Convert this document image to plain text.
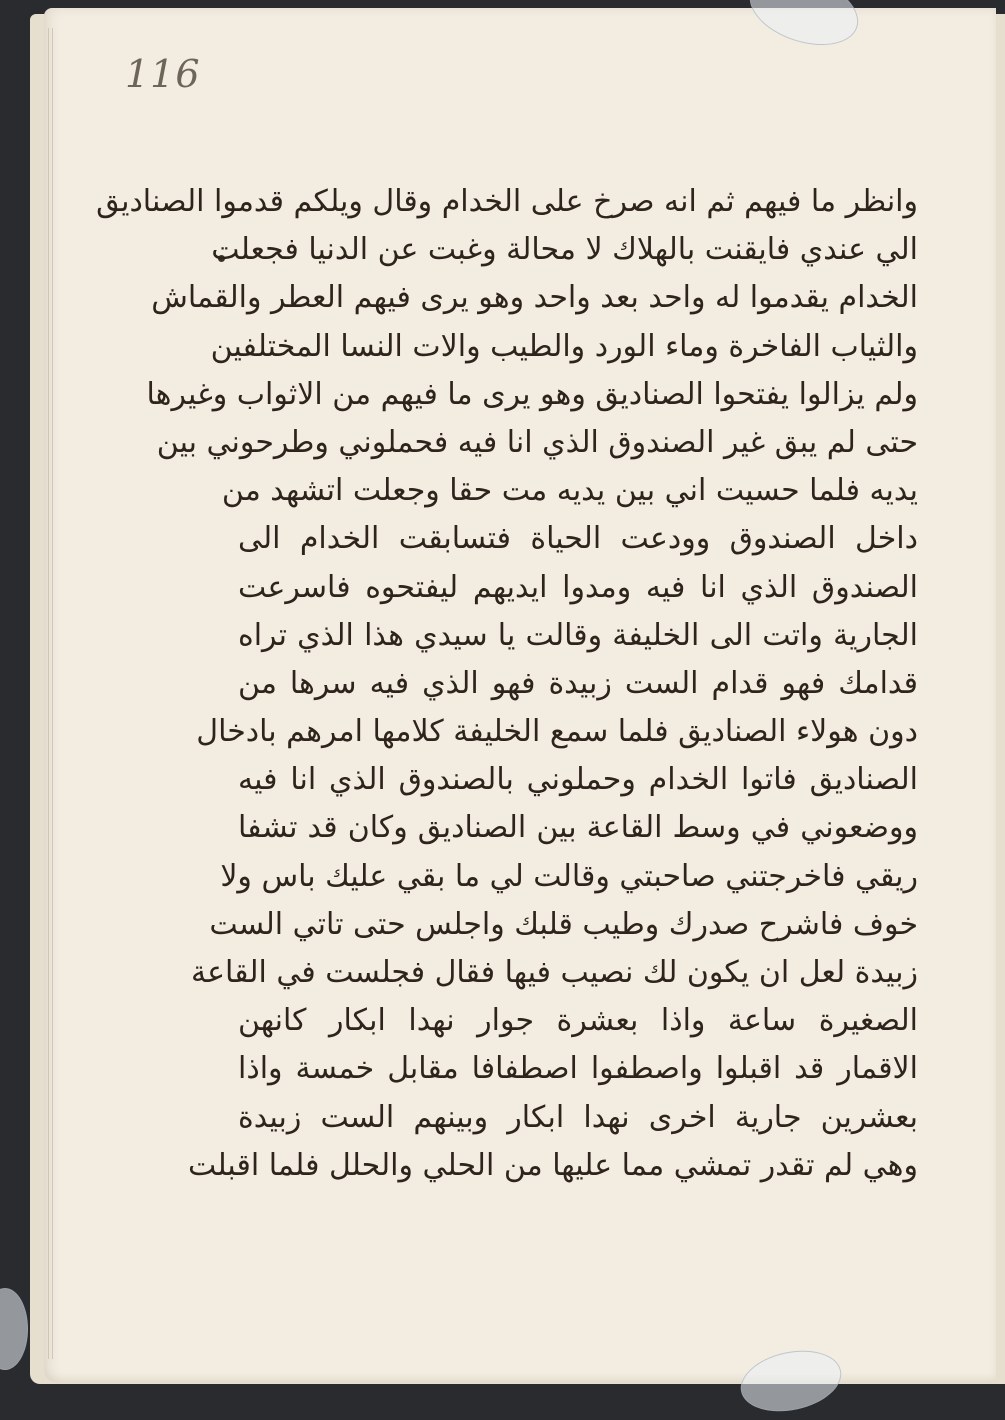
116
وانظر ما فيهم ثم انه صرخ على الخدام وقال ويلكم قدموا الصناديق
الي عندي فايقنت بالهلاك لا محالة وغبت عن الدنيا فجعلت
الخدام يقدموا له واحد بعد واحد وهو يرى فيهم العطر والقماش
والثياب الفاخرة وماء الورد والطيب والات النسا المختلفين
ولم يزالوا يفتحوا الصناديق وهو يرى ما فيهم من الاثواب وغيرها
حتى لم يبق غير الصندوق الذي انا فيه فحملوني وطرحوني بين
يديه فلما حسيت اني بين يديه مت حقا وجعلت اتشهد من
داخل الصندوق وودعت الحياة فتسابقت الخدام الى
الصندوق الذي انا فيه ومدوا ايديهم ليفتحوه فاسرعت
الجارية واتت الى الخليفة وقالت يا سيدي هذا الذي تراه
قدامك فهو قدام الست زبيدة فهو الذي فيه سرها من
دون هولاء الصناديق فلما سمع الخليفة كلامها امرهم بادخال
الصناديق فاتوا الخدام وحملوني بالصندوق الذي انا فيه
ووضعوني في وسط القاعة بين الصناديق وكان قد تشفا
ريقي فاخرجتني صاحبتي وقالت لي ما بقي عليك باس ولا
خوف فاشرح صدرك وطيب قلبك واجلس حتى تاتي الست
زبيدة لعل ان يكون لك نصيب فيها فقال فجلست في القاعة
الصغيرة ساعة واذا بعشرة جوار نهدا ابكار كانهن
الاقمار قد اقبلوا واصطفوا اصطفافا مقابل خمسة واذا
بعشرين جارية اخرى نهدا ابكار وبينهم الست زبيدة
وهي لم تقدر تمشي مما عليها من الحلي والحلل فلما اقبلت
